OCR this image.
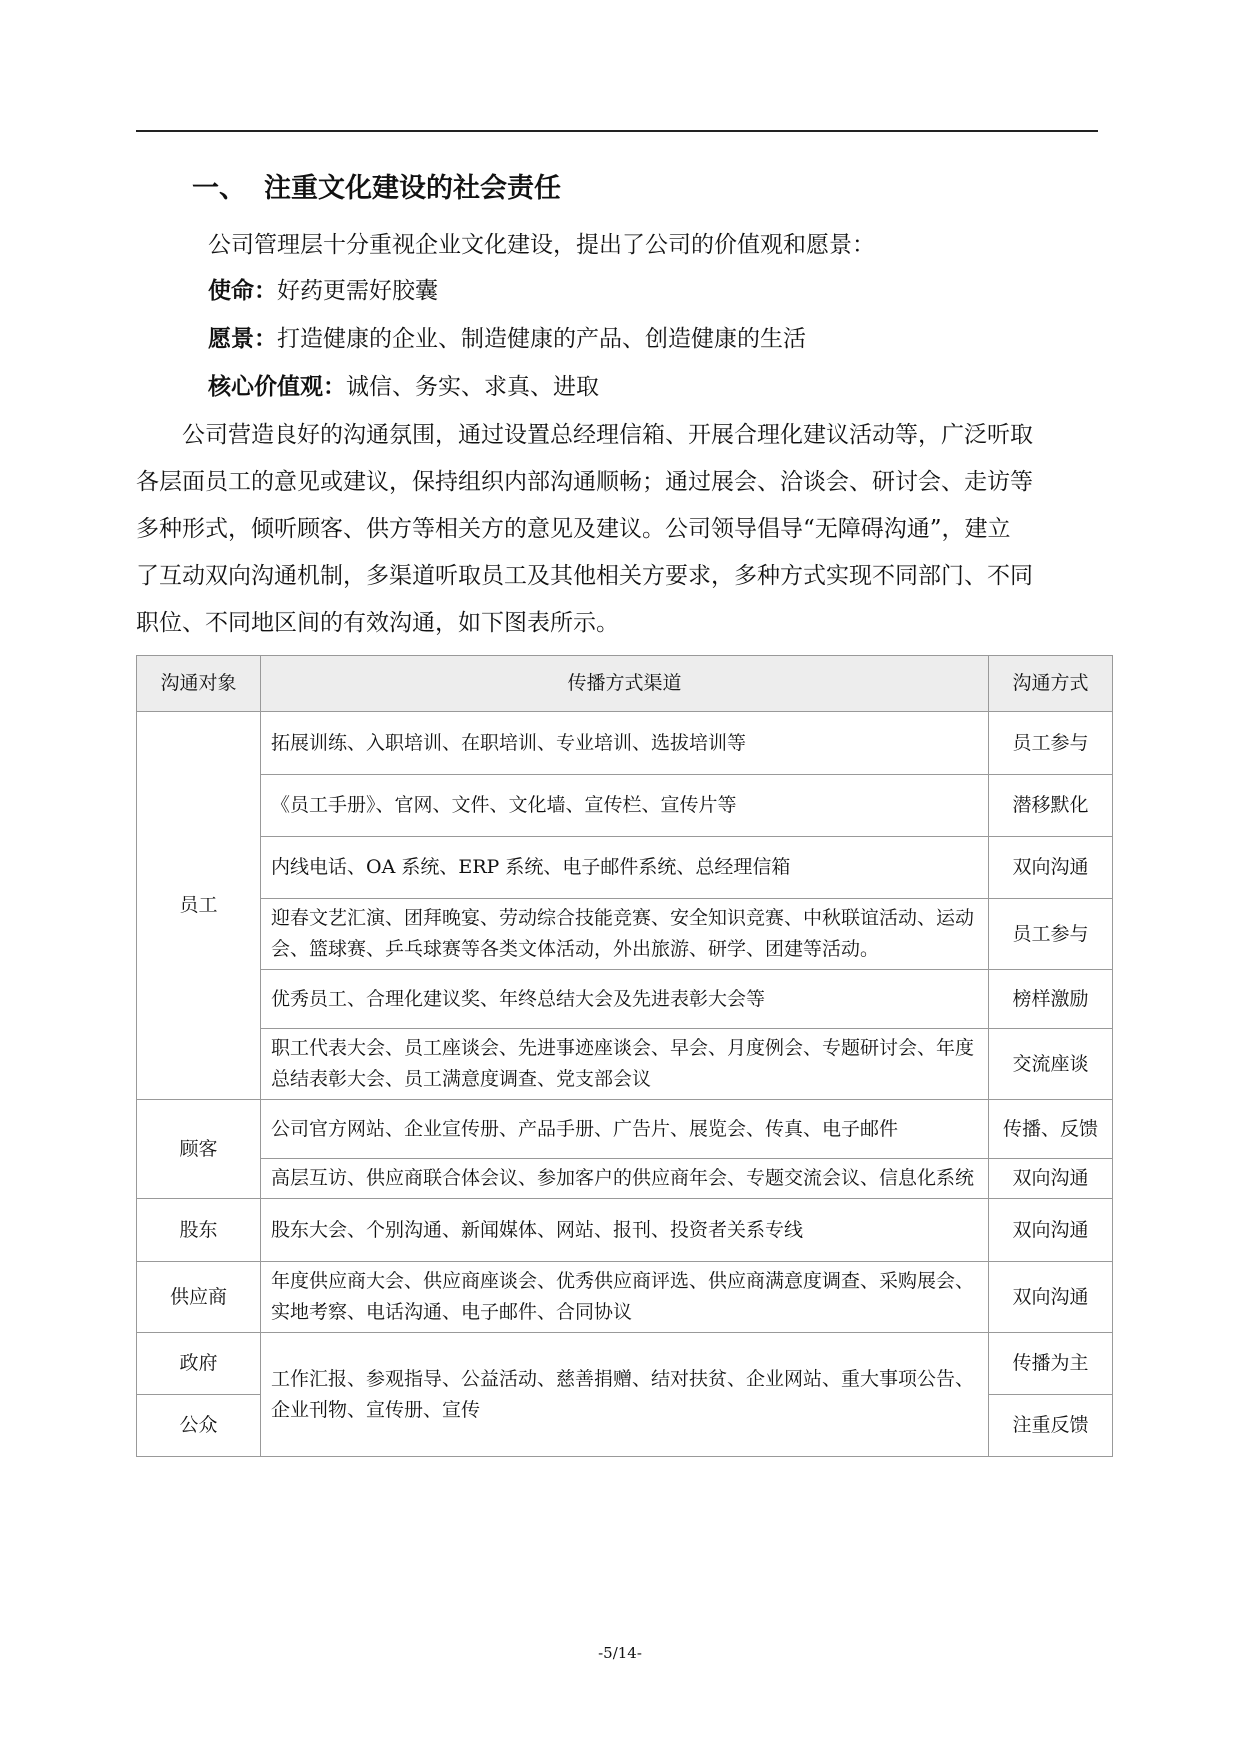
一、 注重文化建设的社会责任
公司管理层十分重视企业文化建设，提出了公司的价值观和愿景：
使命：好药更需好胶囊
愿景：打造健康的企业、制造健康的产品、创造健康的生活
核心价值观：诚信、务实、求真、进取
公司营造良好的沟通氛围，通过设置总经理信箱、开展合理化建议活动等，广泛听取
各层面员工的意见或建议，保持组织内部沟通顺畅；通过展会、洽谈会、研讨会、走访等
多种形式，倾听顾客、供方等相关方的意见及建议。公司领导倡导“无障碍沟通”，建立
了互动双向沟通机制，多渠道听取员工及其他相关方要求，多种方式实现不同部门、不同
职位、不同地区间的有效沟通，如下图表所示。
沟通对象	传播方式渠道	沟通方式
员工	拓展训练、入职培训、在职培训、专业培训、选拔培训等	员工参与
	《员工手册》、官网、文件、文化墙、宣传栏、宣传片等	潜移默化
	内线电话、OA 系统、ERP 系统、电子邮件系统、总经理信箱	双向沟通
	迎春文艺汇演、团拜晚宴、劳动综合技能竞赛、安全知识竞赛、中秋联谊活动、运动会、篮球赛、乒乓球赛等各类文体活动，外出旅游、研学、团建等活动。	员工参与
	优秀员工、合理化建议奖、年终总结大会及先进表彰大会等	榜样激励
	职工代表大会、员工座谈会、先进事迹座谈会、早会、月度例会、专题研讨会、年度总结表彰大会、员工满意度调查、党支部会议	交流座谈
顾客	公司官方网站、企业宣传册、产品手册、广告片、展览会、传真、电子邮件	传播、反馈
	高层互访、供应商联合体会议、参加客户的供应商年会、专题交流会议、信息化系统	双向沟通
股东	股东大会、个别沟通、新闻媒体、网站、报刊、投资者关系专线	双向沟通
供应商	年度供应商大会、供应商座谈会、优秀供应商评选、供应商满意度调查、采购展会、实地考察、电话沟通、电子邮件、合同协议	双向沟通
政府	工作汇报、参观指导、公益活动、慈善捐赠、结对扶贫、企业网站、重大事项公告、企业刊物、宣传册、宣传	传播为主
公众		注重反馈
-5/14-
